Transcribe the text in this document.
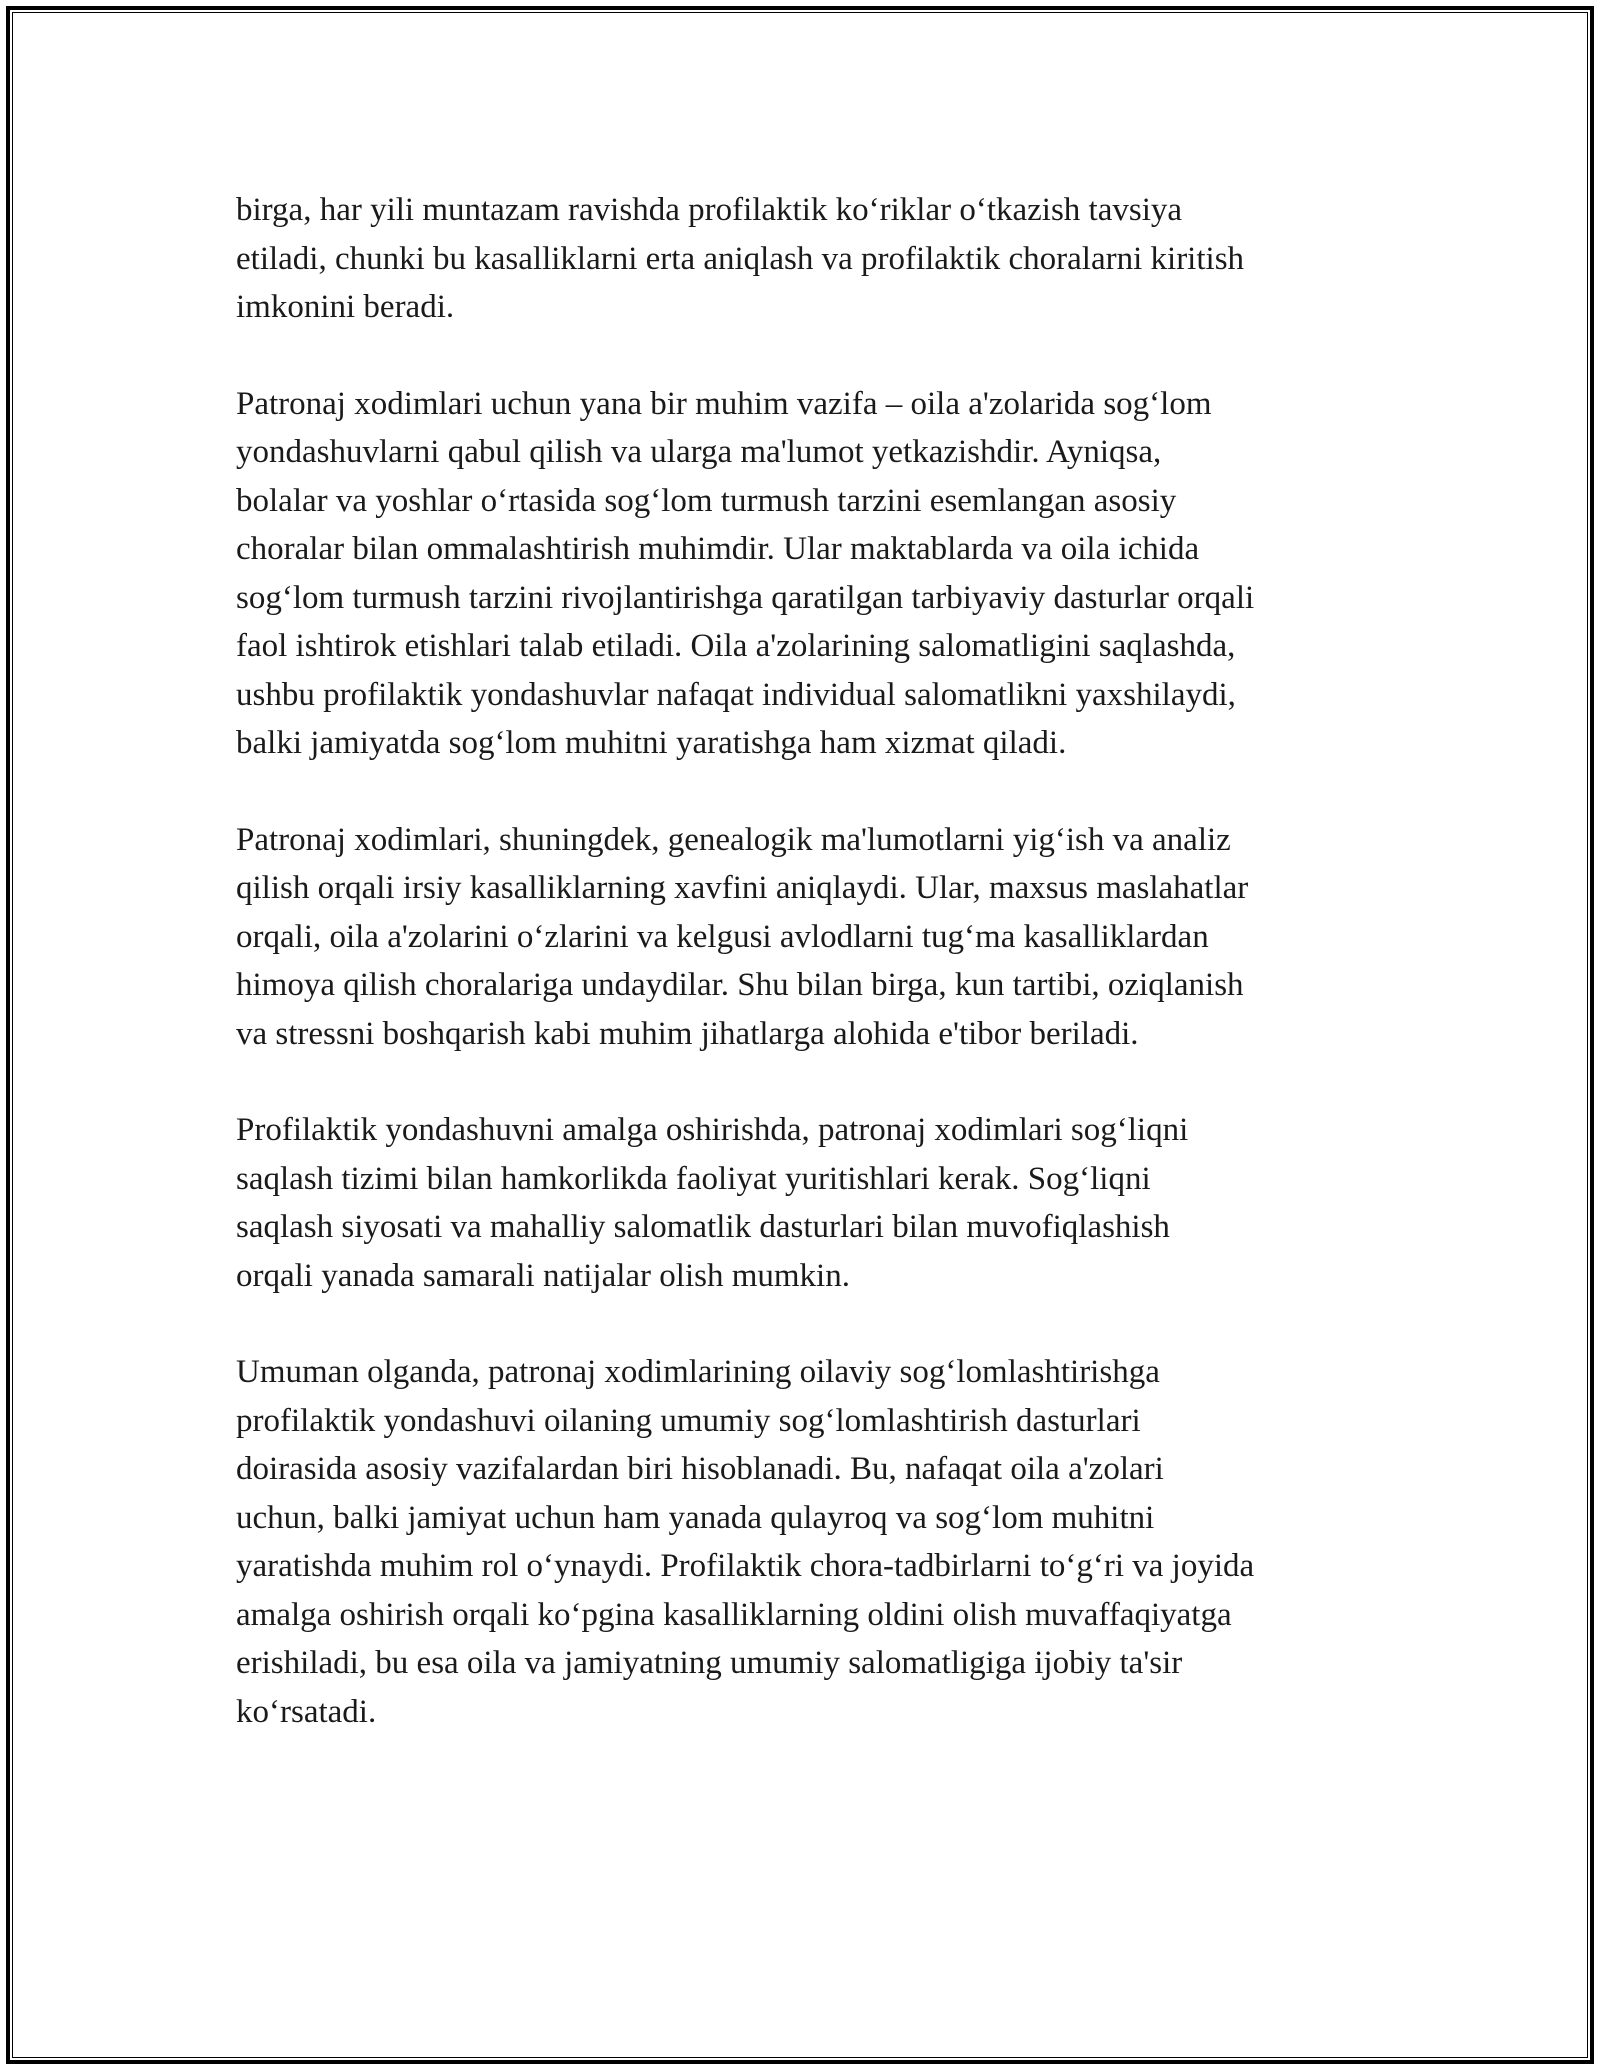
birga, har yili muntazam ravishda profilaktik ko‘riklar o‘tkazish tavsiya
etiladi, chunki bu kasalliklarni erta aniqlash va profilaktik choralarni kiritish
imkonini beradi.

Patronaj xodimlari uchun yana bir muhim vazifa – oila a'zolarida sog‘lom
yondashuvlarni qabul qilish va ularga ma'lumot yetkazishdir. Ayniqsa,
bolalar va yoshlar o‘rtasida sog‘lom turmush tarzini esemlangan asosiy
choralar bilan ommalashtirish muhimdir. Ular maktablarda va oila ichida
sog‘lom turmush tarzini rivojlantirishga qaratilgan tarbiyaviy dasturlar orqali
faol ishtirok etishlari talab etiladi. Oila a'zolarining salomatligini saqlashda,
ushbu profilaktik yondashuvlar nafaqat individual salomatlikni yaxshilaydi,
balki jamiyatda sog‘lom muhitni yaratishga ham xizmat qiladi.

Patronaj xodimlari, shuningdek, genealogik ma'lumotlarni yig‘ish va analiz
qilish orqali irsiy kasalliklarning xavfini aniqlaydi. Ular, maxsus maslahatlar
orqali, oila a'zolarini o‘zlarini va kelgusi avlodlarni tug‘ma kasalliklardan
himoya qilish choralariga undaydilar. Shu bilan birga, kun tartibi, oziqlanish
va stressni boshqarish kabi muhim jihatlarga alohida e'tibor beriladi.

Profilaktik yondashuvni amalga oshirishda, patronaj xodimlari sog‘liqni
saqlash tizimi bilan hamkorlikda faoliyat yuritishlari kerak. Sog‘liqni
saqlash siyosati va mahalliy salomatlik dasturlari bilan muvofiqlashish
orqali yanada samarali natijalar olish mumkin.

Umuman olganda, patronaj xodimlarining oilaviy sog‘lomlashtirishga
profilaktik yondashuvi oilaning umumiy sog‘lomlashtirish dasturlari
doirasida asosiy vazifalardan biri hisoblanadi. Bu, nafaqat oila a'zolari
uchun, balki jamiyat uchun ham yanada qulayroq va sog‘lom muhitni
yaratishda muhim rol o‘ynaydi. Profilaktik chora-tadbirlarni to‘g‘ri va joyida
amalga oshirish orqali ko‘pgina kasalliklarning oldini olish muvaffaqiyatga
erishiladi, bu esa oila va jamiyatning umumiy salomatligiga ijobiy ta'sir
ko‘rsatadi.
